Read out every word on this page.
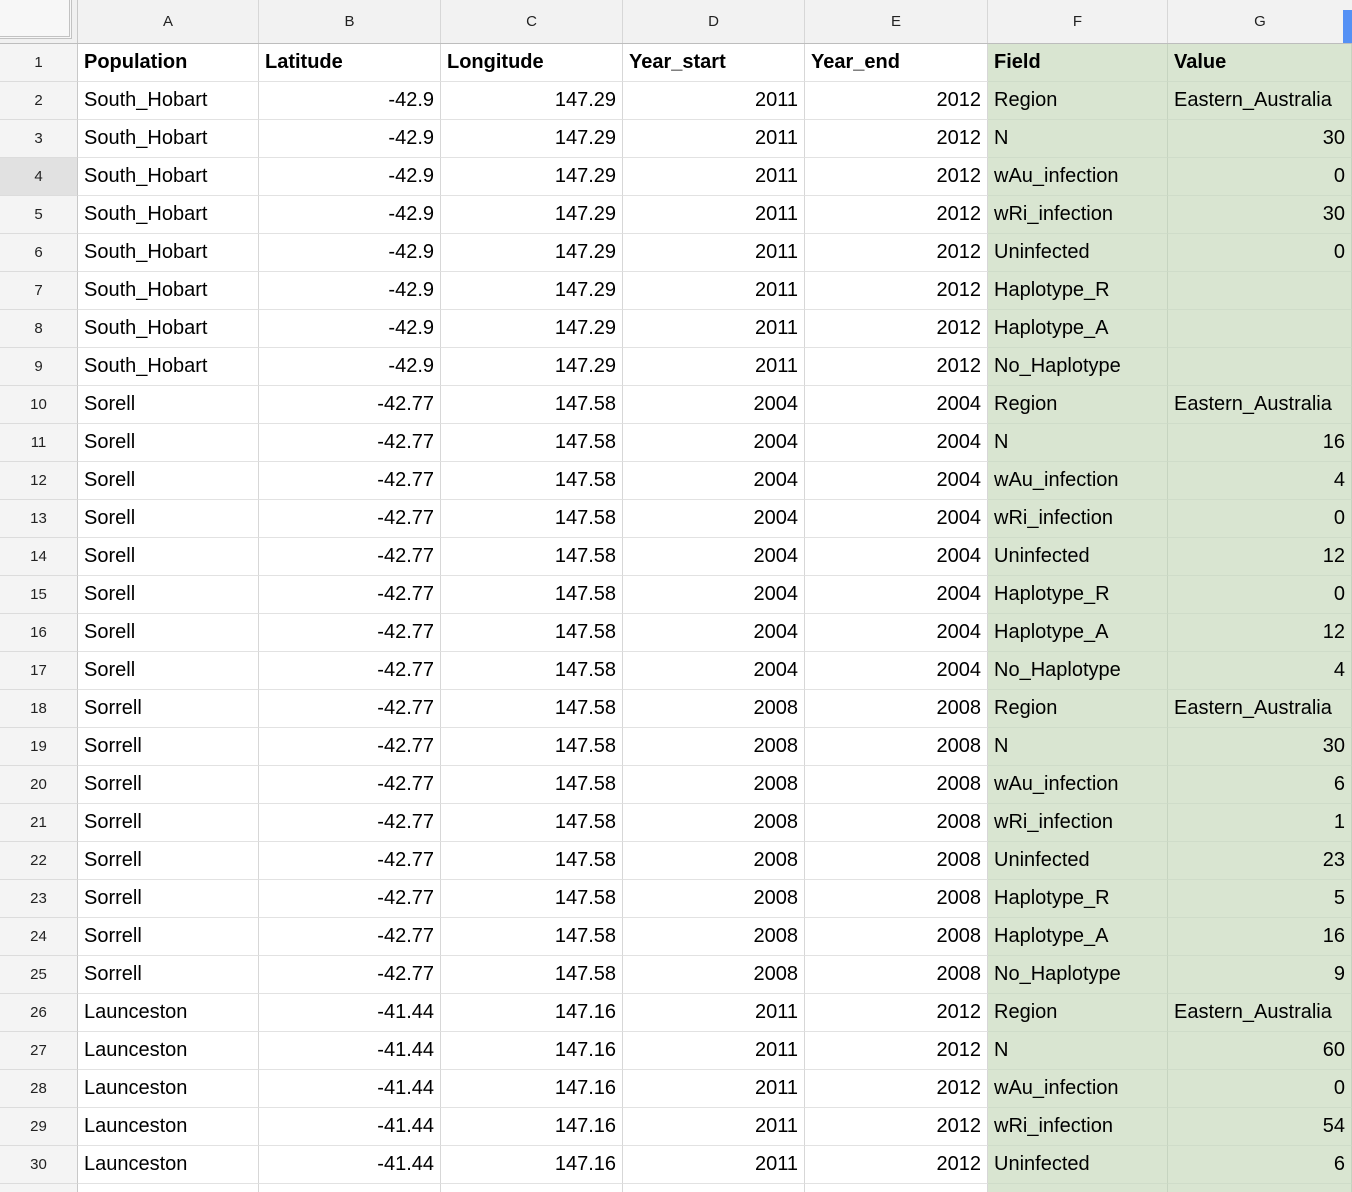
A	B	C	D	E	F	G
1	Population	Latitude	Longitude	Year_start	Year_end	Field	Value
2	South_Hobart	-42.9	147.29	2011	2012 Region	Eastern_Australia
3	South_Hobart	-42.9	147.29	2011	2012 N	30
4	South_Hobart	-42.9	147.29	2011	2012 wAu_infection	0
5	South_Hobart	-42.9	147.29	2011	2012 wRi_infection	30
6	South_Hobart	-42.9	147.29	2011	2012 Uninfected	0
7	South_Hobart	-42.9	147.29	2011	2012 Haplotype_R
8	South_Hobart	-42.9	147.29	2011	2012 Haplotype_A
9	South_Hobart	-42.9	147.29	2011	2012 No_Haplotype
10	Sorell	-42.77	147.58	2004	2004 Region	Eastern_Australia
11	Sorell	-42.77	147.58	2004	2004 N	16
12	Sorell	-42.77	147.58	2004	2004 wAu_infection	4
13	Sorell	-42.77	147.58	2004	2004 wRi_infection	0
14	Sorell	-42.77	147.58	2004	2004 Uninfected	12
15	Sorell	-42.77	147.58	2004	2004 Haplotype_R	0
16	Sorell	-42.77	147.58	2004	2004 Haplotype_A	12
17	Sorell	-42.77	147.58	2004	2004 No_Haplotype	4
18	Sorrell	-42.77	147.58	2008	2008 Region	Eastern_Australia
19	Sorrell	-42.77	147.58	2008	2008 N	30
20	Sorrell	-42.77	147.58	2008	2008 wAu_infection	6
21	Sorrell	-42.77	147.58	2008	2008 wRi_infection	1
22	Sorrell	-42.77	147.58	2008	2008 Uninfected	23
23	Sorrell	-42.77	147.58	2008	2008 Haplotype_R	5
24	Sorrell	-42.77	147.58	2008	2008 Haplotype_A	16
25	Sorrell	-42.77	147.58	2008	2008 No_Haplotype	9
26	Launceston	-41.44	147.16	2011	2012 Region	Eastern_Australia
27	Launceston	-41.44	147.16	2011	2012 N	60
28	Launceston	-41.44	147.16	2011	2012 wAu_infection	0
29	Launceston	-41.44	147.16	2011	2012 wRi_infection	54
30	Launceston	-41.44	147.16	2011	2012 Uninfected	6
